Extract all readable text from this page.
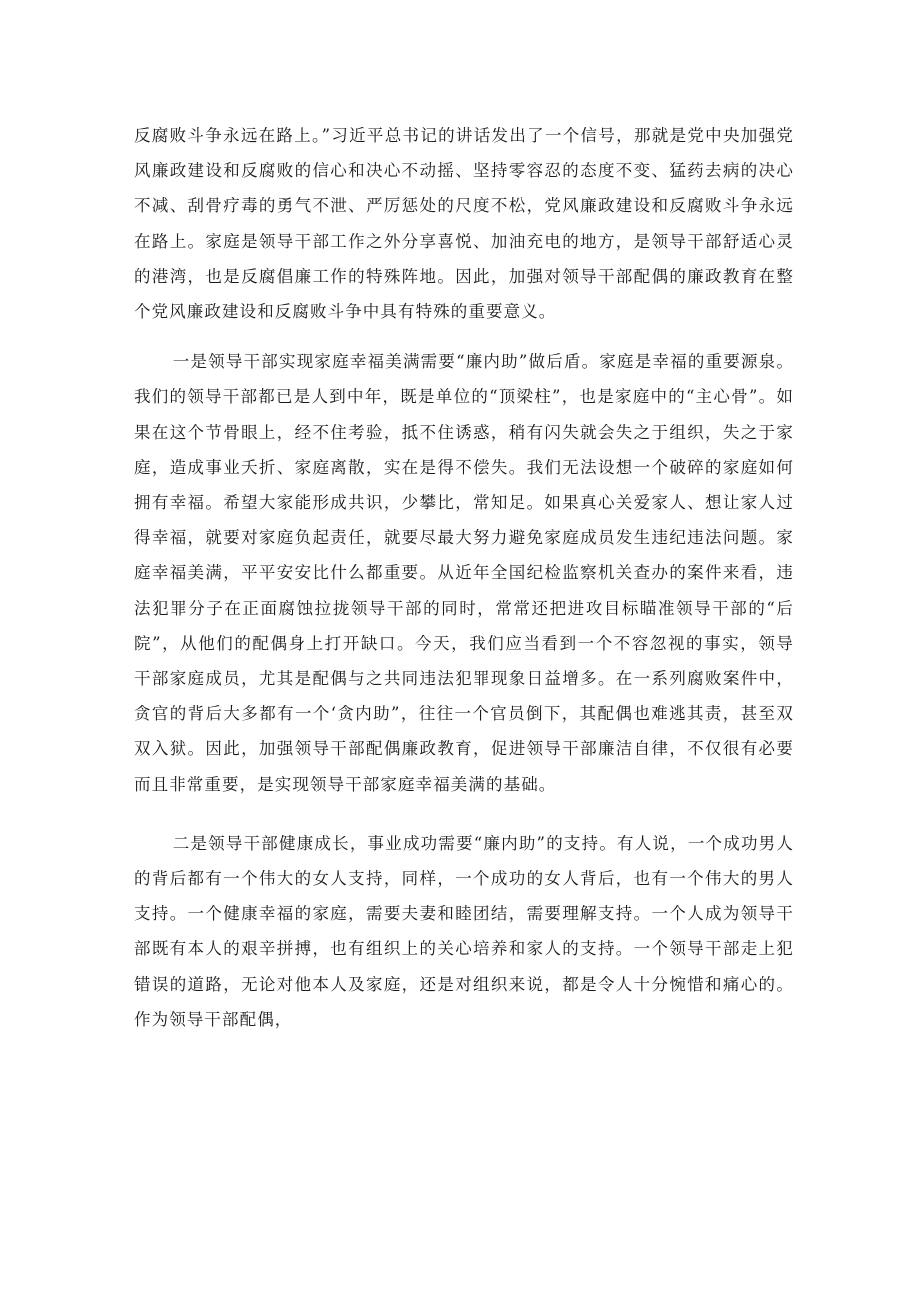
反腐败斗争永远在路上。”习近平总书记的讲话发出了一个信号，那就是党中央加强党风廉政建设和反腐败的信心和决心不动摇、坚持零容忍的态度不变、猛药去病的决心不减、刮骨疗毒的勇气不泄、严厉惩处的尺度不松，党风廉政建设和反腐败斗争永远在路上。家庭是领导干部工作之外分享喜悦、加油充电的地方，是领导干部舒适心灵的港湾，也是反腐倡廉工作的特殊阵地。因此，加强对领导干部配偶的廉政教育在整个党风廉政建设和反腐败斗争中具有特殊的重要意义。

一是领导干部实现家庭幸福美满需要“廉内助”做后盾。家庭是幸福的重要源泉。我们的领导干部都已是人到中年，既是单位的“顶梁柱”，也是家庭中的“主心骨”。如果在这个节骨眼上，经不住考验，抵不住诱惑，稍有闪失就会失之于组织，失之于家庭，造成事业夭折、家庭离散，实在是得不偿失。我们无法设想一个破碎的家庭如何拥有幸福。希望大家能形成共识，少攀比，常知足。如果真心关爱家人、想让家人过得幸福，就要对家庭负起责任，就要尽最大努力避免家庭成员发生违纪违法问题。家庭幸福美满，平平安安比什么都重要。从近年全国纪检监察机关查办的案件来看，违法犯罪分子在正面腐蚀拉拢领导干部的同时，常常还把进攻目标瞄准领导干部的“后院”，从他们的配偶身上打开缺口。今天，我们应当看到一个不容忽视的事实，领导干部家庭成员，尤其是配偶与之共同违法犯罪现象日益增多。在一系列腐败案件中，贪官的背后大多都有一个‘贪内助”，往往一个官员倒下，其配偶也难逃其责，甚至双双入狱。因此，加强领导干部配偶廉政教育，促进领导干部廉洁自律，不仅很有必要而且非常重要，是实现领导干部家庭幸福美满的基础。

二是领导干部健康成长，事业成功需要“廉内助”的支持。有人说，一个成功男人的背后都有一个伟大的女人支持，同样，一个成功的女人背后，也有一个伟大的男人支持。一个健康幸福的家庭，需要夫妻和睦团结，需要理解支持。一个人成为领导干部既有本人的艰辛拼搏，也有组织上的关心培养和家人的支持。一个领导干部走上犯错误的道路，无论对他本人及家庭，还是对组织来说，都是令人十分惋惜和痛心的。作为领导干部配偶，
